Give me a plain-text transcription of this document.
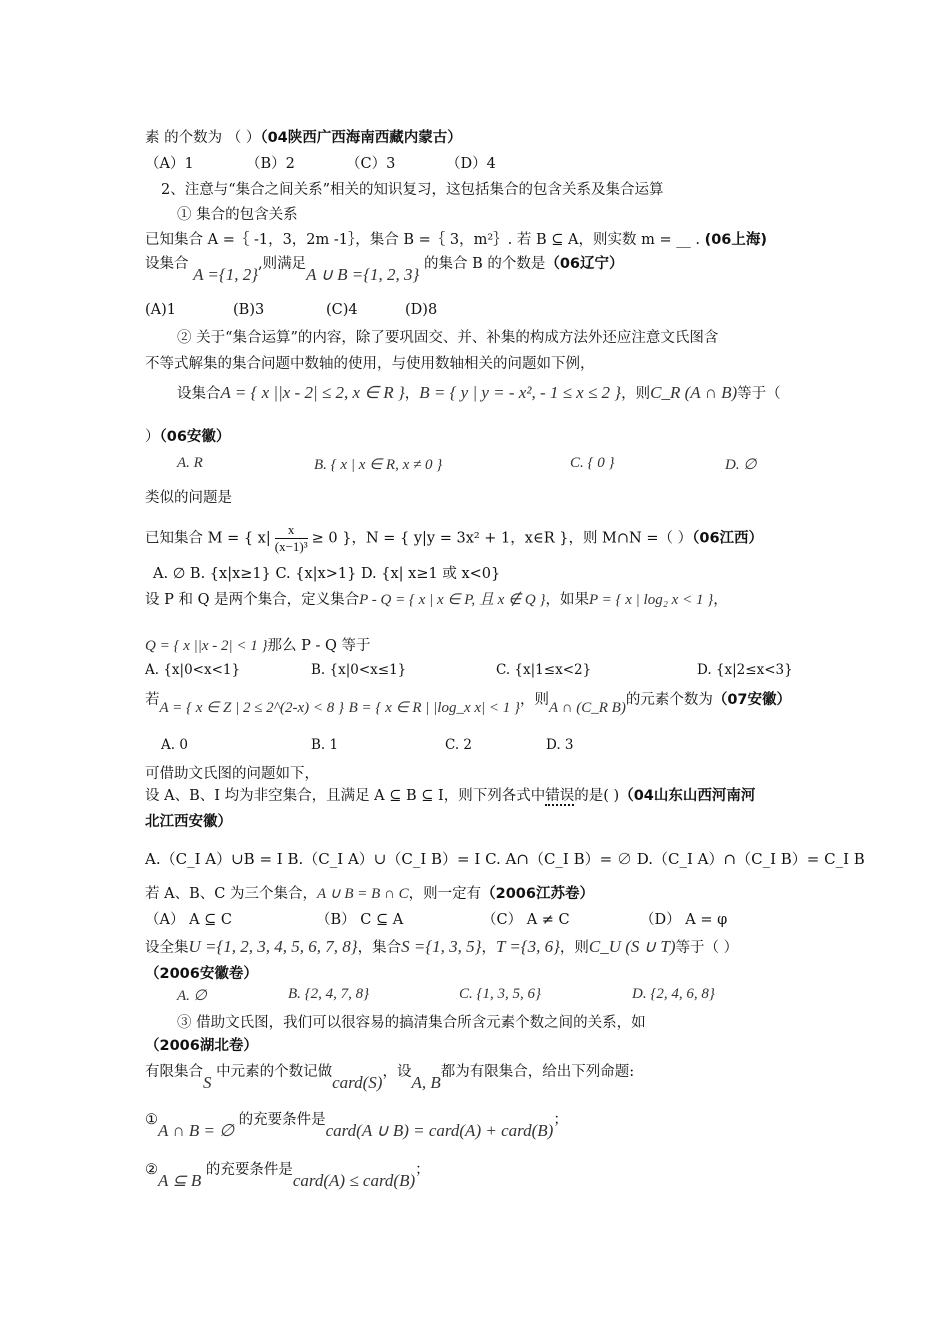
素 的个数为 （ ）（04陕西广西海南西藏内蒙古）
（A）1	（B）2	（C）3	（D）4
2、注意与“集合之间关系”相关的知识复习，这包括集合的包含关系及集合运算
① 集合的包含关系
已知集合 A =｛ -1，3，2m -1｝，集合 B =｛ 3，m²｝. 若 B ⊆ A，则实数 m = __ . (06上海)
设集合 A ={1, 2},则满足A ∪ B ={1, 2, 3} 的集合 B 的个数是（06辽宁）
(A)1	(B)3	(C)4	(D)8
② 关于“集合运算”的内容，除了要巩固交、并、补集的构成方法外还应注意文氏图含
不等式解集的集合问题中数轴的使用，与使用数轴相关的问题如下例，
设集合A = { x ||x - 2| ≤ 2, x ∈ R }，B = { y | y = - x², - 1 ≤ x ≤ 2 }，则C_R (A ∩ B)等于（
）（06安徽）
A. R	B. { x | x ∈ R, x ≠ 0 }	C. { 0 }	D. ∅
类似的问题是
已知集合 M = { $x| \frac{x}{\text{(x−1)³}} \ge 0$ }，N = { y|y = 3x² + 1，x∈R }，则 M∩N =（ ）（06江西）
A. ∅ B. {x|x≥1} C. {x|x>1} D. {x| x≥1 或 x<0}
设 P 和 Q 是两个集合，定义集合P - Q = { x | x ∈ P, 且 x ∉ Q }，如果P = { x | log₂ x < 1 }，
Q = { x ||x - 2| < 1 }那么 P - Q 等于
A. {x|0<x<1}	B. {x|0<x≤1}	C. {x|1≤x<2}	D. {x|2≤x<3}
若A = { x ∈ Z | 2 ≤ 2^(2-x) < 8 } B = { x ∈ R | |log_x x| < 1 }，则A ∩ (C_R B)的元素个数为（07安徽）
A. 0	B. 1	C. 2	D. 3
可借助文氏图的问题如下，
设 A、B、I 均为非空集合，且满足 A ⊆ B ⊆ I，则下列各式中错误的是( )（04山东山西河南河
北江西安徽）
A.（C_I A）∪B = I B.（C_I A）∪（C_I B）= I C. A∩（C_I B）= ∅ D.（C_I A）∩（C_I B）= C_I B
若 A、B、C 为三个集合，A ∪ B = B ∩ C，则一定有（2006江苏卷）
（A） A ⊆ C	（B） C ⊆ A	（C） A ≠ C	（D） A = φ
设全集U ={1, 2, 3, 4, 5, 6, 7, 8}，集合S ={1, 3, 5}，T ={3, 6}，则C_U (S ∪ T)等于（ ）
（2006安徽卷）
A. ∅	B. {2, 4, 7, 8}	C. {1, 3, 5, 6}	D. {2, 4, 6, 8}
③ 借助文氏图，我们可以很容易的搞清集合所含元素个数之间的关系，如
（2006湖北卷）
有限集合S 中元素的个数记做card(S)，设A, B都为有限集合，给出下列命题:
①A ∩ B = ∅ 的充要条件是card(A ∪ B) = card(A) + card(B)；
②A ⊆ B 的充要条件是card(A) ≤ card(B)；
